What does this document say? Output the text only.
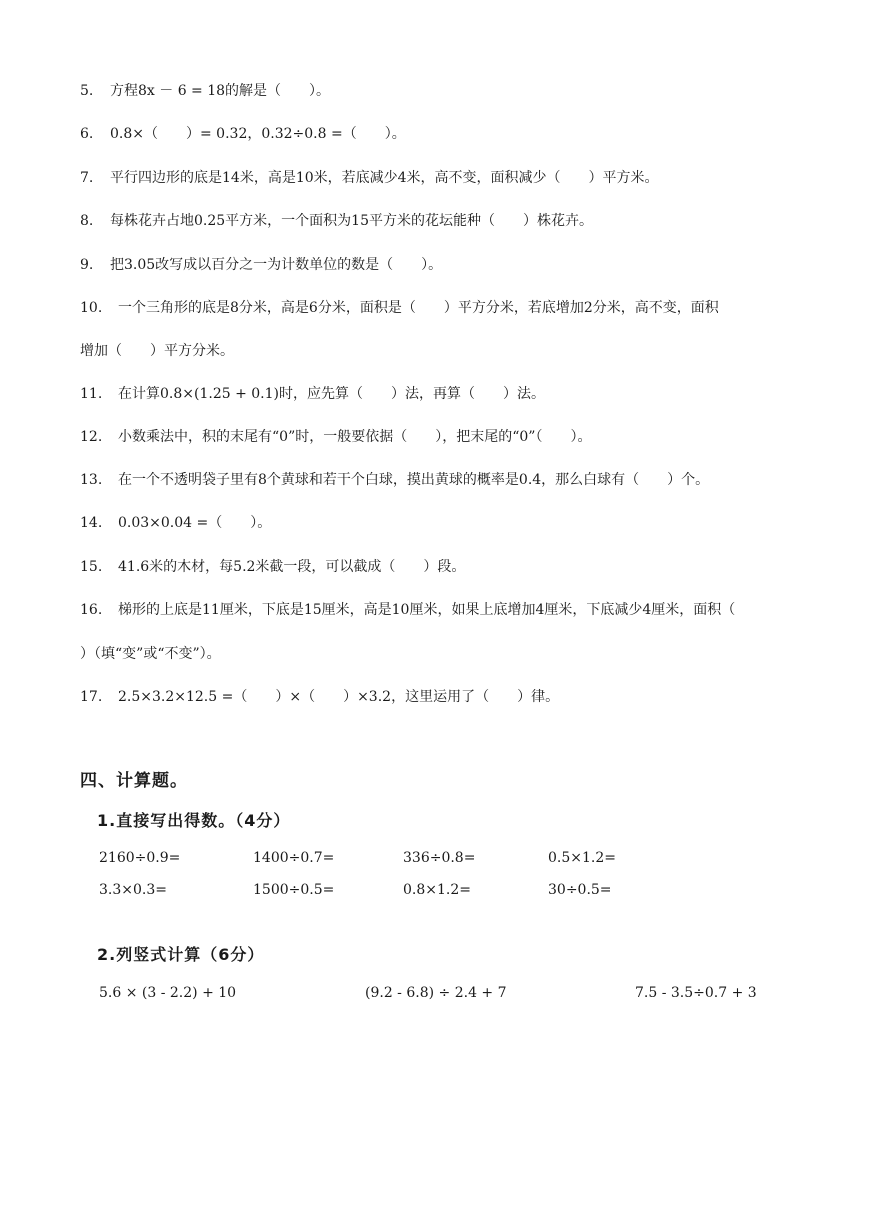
5. 方程8x － 6 = 18的解是（　　）。
6. 0.8×（　　）= 0.32，0.32÷0.8 =（　　）。
7. 平行四边形的底是14米，高是10米，若底减少4米，高不变，面积减少（　　）平方米。
8. 每株花卉占地0.25平方米，一个面积为15平方米的花坛能种（　　）株花卉。
9. 把3.05改写成以百分之一为计数单位的数是（　　）。
10. 一个三角形的底是8分米，高是6分米，面积是（　　）平方分米，若底增加2分米，高不变，面积
增加（　　）平方分米。
11. 在计算0.8×(1.25 + 0.1)时，应先算（　　）法，再算（　　）法。
12. 小数乘法中，积的末尾有“0”时，一般要依据（　　），把末尾的“0”（　　）。
13. 在一个不透明袋子里有8个黄球和若干个白球，摸出黄球的概率是0.4，那么白球有（　　）个。
14. 0.03×0.04 =（　　）。
15. 41.6米的木材，每5.2米截一段，可以截成（　　）段。
16. 梯形的上底是11厘米，下底是15厘米，高是10厘米，如果上底增加4厘米，下底减少4厘米，面积（
）（填“变”或“不变”）。
17. 2.5×3.2×12.5 =（　　）×（　　）×3.2，这里运用了（　　）律。
四、计算题。
1.直接写出得数。（4分）
2160÷0.9=	1400÷0.7=	336÷0.8=	0.5×1.2=
3.3×0.3=	1500÷0.5=	0.8×1.2=	30÷0.5=
2.列竖式计算（6分）
5.6 × (3 - 2.2) + 10	(9.2 - 6.8) ÷ 2.4 + 7	7.5 - 3.5÷0.7 + 3
